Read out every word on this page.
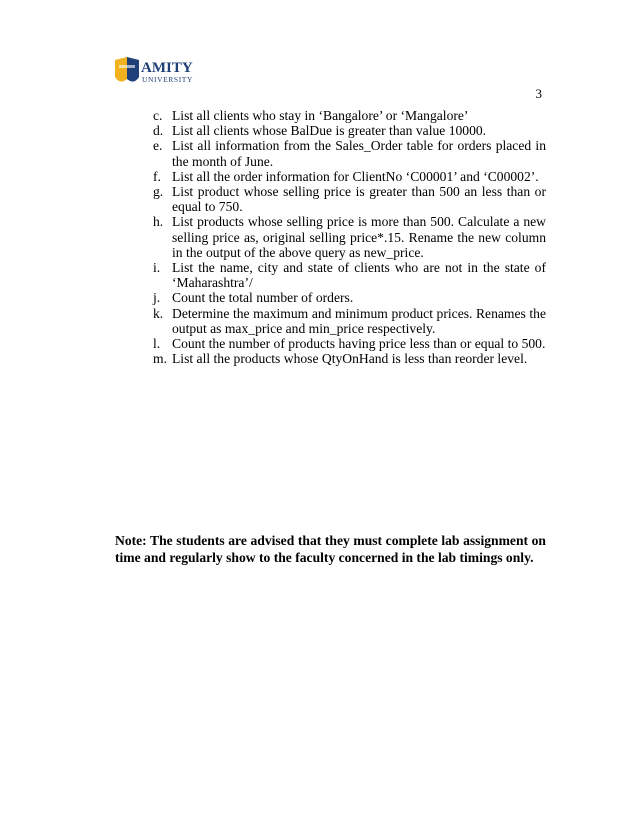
AMITY
UNIVERSITY
3
c. List all clients who stay in ‘Bangalore’ or ‘Mangalore’
d. List all clients whose BalDue is greater than value 10000.
e. List all information from the Sales_Order table for orders placed in the month of June.
f. List all the order information for ClientNo ‘C00001’ and ‘C00002’.
g. List product whose selling price is greater than 500 an less than or equal to 750.
h. List products whose selling price is more than 500. Calculate a new selling price as, original selling price*.15. Rename the new column in the output of the above query as new_price.
i. List the name, city and state of clients who are not in the state of ‘Maharashtra’/
j. Count the total number of orders.
k. Determine the maximum and minimum product prices. Renames the output as max_price and min_price respectively.
l. Count the number of products having price less than or equal to 500.
m. List all the products whose QtyOnHand is less than reorder level.

Note: The students are advised that they must complete lab assignment on time and regularly show to the faculty concerned in the lab timings only.
